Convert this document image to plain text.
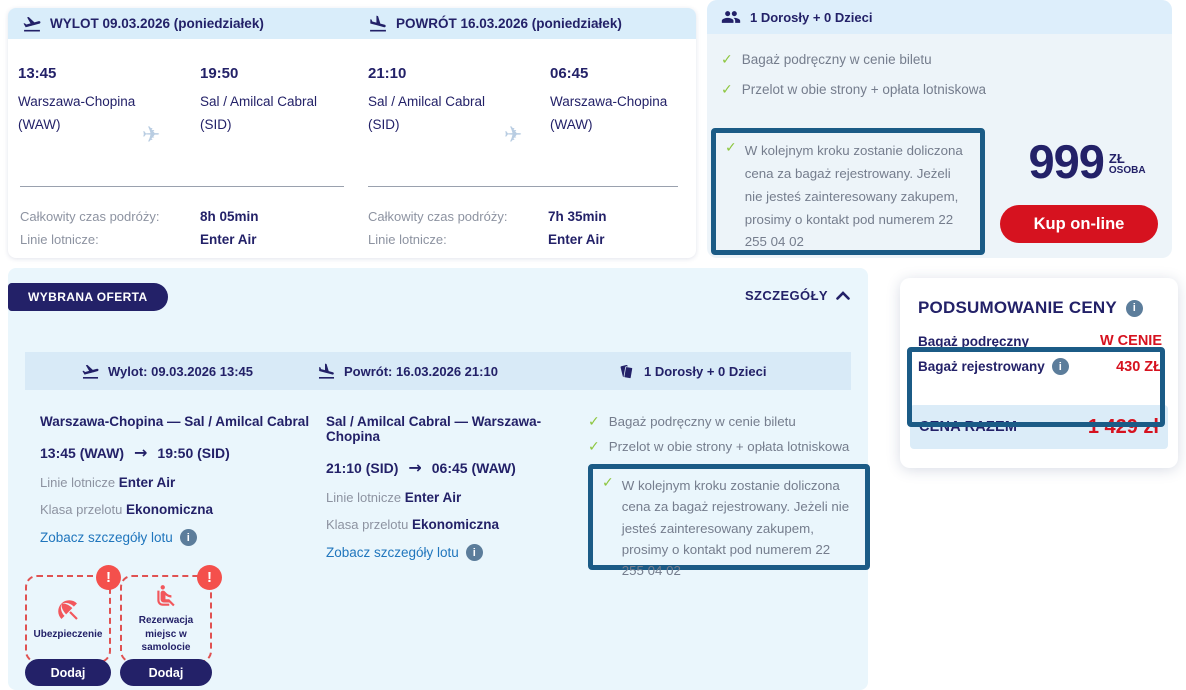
WYLOT 09.03.2026 (poniedziałek)	POWRÓT 16.03.2026 (poniedziałek)
13:45
Warszawa-Chopina
(WAW)	✈
19:50
Sal / Amilcal Cabral
(SID)
Całkowity czas podróży:	8h 05min
Linie lotnicze:	Enter Air
21:10
Sal / Amilcal Cabral
(SID)	✈
06:45
Warszawa-Chopina
(WAW)
Całkowity czas podróży:	7h 35min
Linie lotnicze:	Enter Air
1 Dorosły + 0 Dzieci
✓ Bagaż podręczny w cenie biletu
✓ Przelot w obie strony + opłata lotniskowa
✓ W kolejnym kroku zostanie doliczona cena za bagaż rejestrowany. Jeżeli nie jesteś zainteresowany zakupem, prosimy o kontakt pod numerem 22 255 04 02
999 ZŁ
OSOBA
Kup on-line
WYBRANA OFERTA	SZCZEGÓŁY
Wylot: 09.03.2026 13:45	Powrót: 16.03.2026 21:10	1 Dorosły + 0 Dzieci
Warszawa-Chopina — Sal / Amilcal Cabral
13:45 (WAW) → 19:50 (SID)
Linie lotnicze Enter Air
Klasa przelotu Ekonomiczna
Zobacz szczegóły lotu	i
Sal / Amilcal Cabral — Warszawa-Chopina
21:10 (SID) → 06:45 (WAW)
Linie lotnicze Enter Air
Klasa przelotu Ekonomiczna
Zobacz szczegóły lotu	i
✓ Bagaż podręczny w cenie biletu
✓ Przelot w obie strony + opłata lotniskowa
✓ W kolejnym kroku zostanie doliczona cena za bagaż rejestrowany. Jeżeli nie jesteś zainteresowany zakupem, prosimy o kontakt pod numerem 22 255 04 02
!
Ubezpieczenie
!
Rezerwacja miejsc w samolocie
Dodaj	Dodaj
PODSUMOWANIE CENY	i
Bagaż podręczny	W CENIE
Bagaż rejestrowany	i	430 ZŁ
CENA RAZEM	1 429 zł
